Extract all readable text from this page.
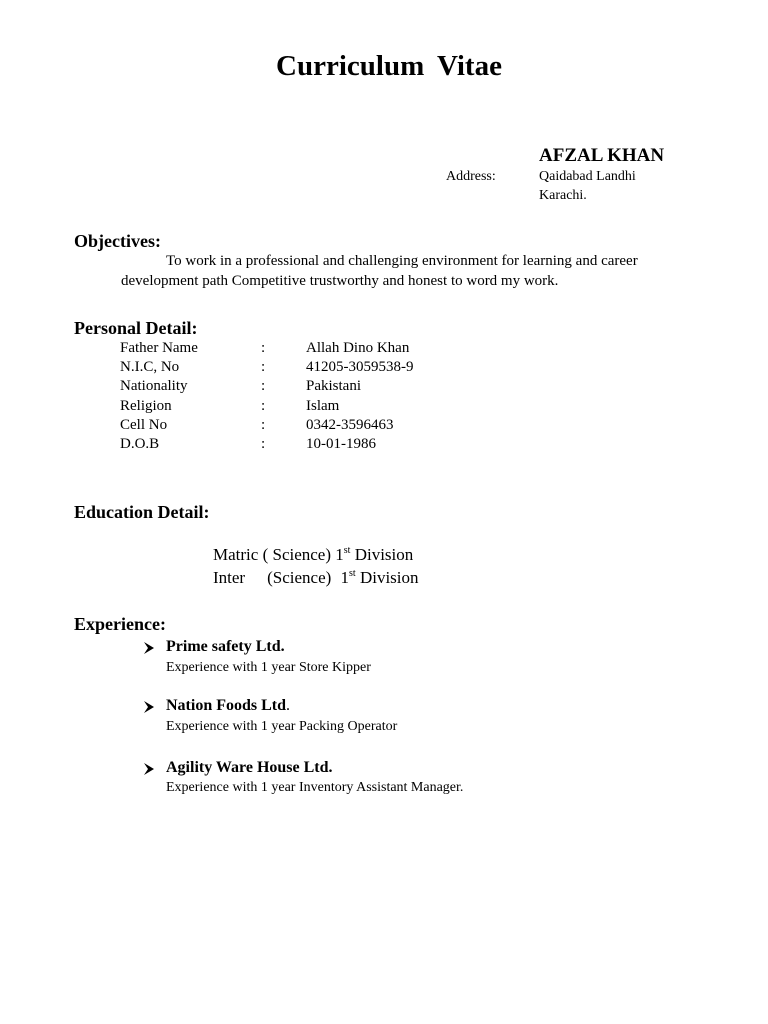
Curriculum Vitae
AFZAL KHAN
Address:	Qaidabad Landhi
Karachi.
Objectives:
To work in a professional and challenging environment for learning and career
development path Competitive trustworthy and honest to word my work.
Personal Detail:
Father Name	:	Allah Dino Khan
N.I.C, No	:	41205-3059538-9
Nationality	:	Pakistani
Religion	:	Islam
Cell No	:	0342-3596463
D.O.B	:	10-01-1986
Education Detail:
Matric ( Science) 1st Division
Inter (Science) 1st Division
Experience:
Prime safety Ltd.
Experience with 1 year Store Kipper
Nation Foods Ltd.
Experience with 1 year Packing Operator
Agility Ware House Ltd.
Experience with 1 year Inventory Assistant Manager.
